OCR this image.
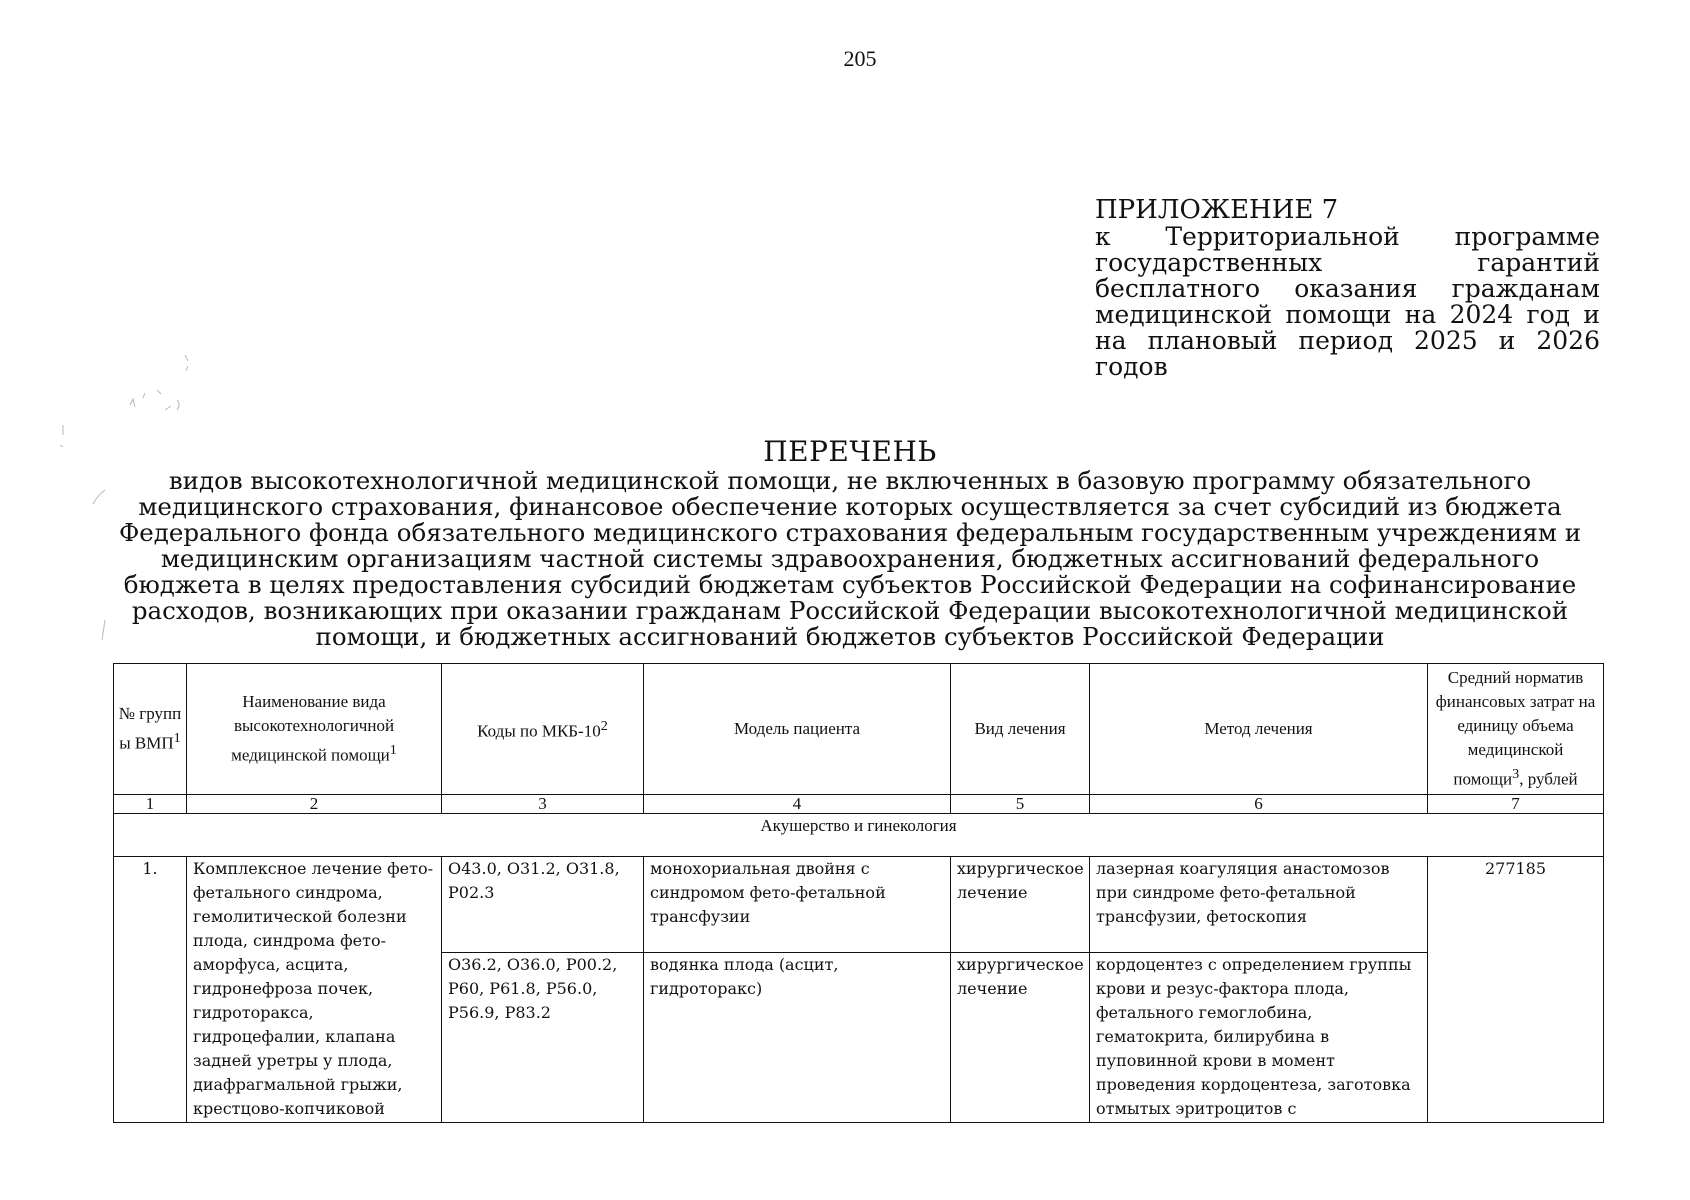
205
ПРИЛОЖЕНИЕ 7
к Территориальной программе государственных гарантий бесплатного оказания гражданам медицинской помощи на 2024 год и на плановый период 2025 и 2026 годов
ПЕРЕЧЕНЬ
видов высокотехнологичной медицинской помощи, не включенных в базовую программу обязательного медицинского страхования, финансовое обеспечение которых осуществляется за счет субсидий из бюджета Федерального фонда обязательного медицинского страхования федеральным государственным учреждениям и медицинским организациям частной системы здравоохранения, бюджетных ассигнований федерального бюджета в целях предоставления субсидий бюджетам субъектов Российской Федерации на софинансирование расходов, возникающих при оказании гражданам Российской Федерации высокотехнологичной медицинской помощи, и бюджетных ассигнований бюджетов субъектов Российской Федерации
№ групп ы ВМП$^1$	Наименование вида высокотехнологичной медицинской помощи$^1$	Коды по МКБ-$10^2$	Модель пациента	Вид лечения	Метод лечения	Средний норматив финансовых затрат на единицу объема медицинской помощи$^3$, рублей
1	2	3	4	5	6	7
Акушерство и гинекология						
1.	Комплексное лечение фето-фетального синдрома, гемолитической болезни плода, синдрома фето-аморфуса, асцита, гидронефроза почек, гидроторакса, гидроцефалии, клапана задней уретры у плода, диафрагмальной грыжи, крестцово-копчиковой	O43.0, O31.2, O31.8, P02.3	монохориальная двойня с синдромом фето-фетальной трансфузии	хирургическое лечение	лазерная коагуляция анастомозов при синдроме фето-фетальной трансфузии, фетоскопия	277185
		O36.2, O36.0, P00.2, P60, P61.8, P56.0, P56.9, P83.2	водянка плода (асцит, гидроторакс)	хирургическое лечение	кордоцентез с определением группы крови и резус-фактора плода, фетального гемоглобина, гематокрита, билирубина в пуповинной крови в момент проведения кордоцентеза, заготовка отмытых эритроцитов с	
